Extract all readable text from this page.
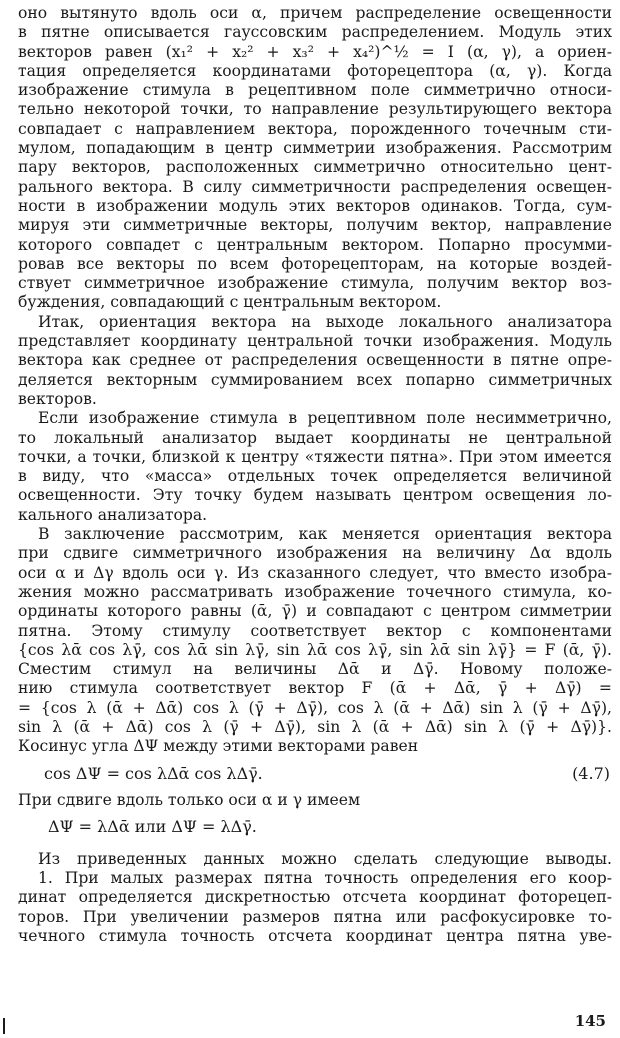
оно вытянуто вдоль оси α, причем распределение освещенности
в пятне описывается гауссовским распределением. Модуль этих
векторов равен (x₁² + x₂² + x₃² + x₄²)^½ = I (α, γ), а ориен-
тация определяется координатами фоторецептора (α, γ). Когда
изображение стимула в рецептивном поле симметрично относи-
тельно некоторой точки, то направление результирующего вектора
совпадает с направлением вектора, порожденного точечным сти-
мулом, попадающим в центр симметрии изображения. Рассмотрим
пару векторов, расположенных симметрично относительно цент-
рального вектора. В силу симметричности распределения освещен-
ности в изображении модуль этих векторов одинаков. Тогда, сум-
мируя эти симметричные векторы, получим вектор, направление
которого совпадет с центральным вектором. Попарно просумми-
ровав все векторы по всем фоторецепторам, на которые воздей-
ствует симметричное изображение стимула, получим вектор воз-
буждения, совпадающий с центральным вектором.

Итак, ориентация вектора на выходе локального анализатора
представляет координату центральной точки изображения. Модуль
вектора как среднее от распределения освещенности в пятне опре-
деляется векторным суммированием всех попарно симметричных
векторов.

Если изображение стимула в рецептивном поле несимметрично,
то локальный анализатор выдает координаты не центральной
точки, а точки, близкой к центру «тяжести пятна». При этом имеется
в виду, что «масса» отдельных точек определяется величиной
освещенности. Эту точку будем называть центром освещения ло-
кального анализатора.

В заключение рассмотрим, как меняется ориентация вектора
при сдвиге симметричного изображения на величину Δα вдоль
оси α и Δγ вдоль оси γ. Из сказанного следует, что вместо изобра-
жения можно рассматривать изображение точечного стимула, ко-
ординаты которого равны (ᾱ, γ̄) и совпадают с центром симметрии
пятна. Этому стимулу соответствует вектор с компонентами
{cos λᾱ cos λγ̄, cos λᾱ sin λγ̄, sin λᾱ cos λγ̄, sin λᾱ sin λγ̄} = F (ᾱ, γ̄).
Сместим стимул на величины Δᾱ и Δγ̄. Новому положе-
нию стимула соответствует вектор F (ᾱ + Δᾱ, γ̄ + Δγ̄) =
= {cos λ (ᾱ + Δᾱ) cos λ (γ̄ + Δγ̄), cos λ (ᾱ + Δᾱ) sin λ (γ̄ + Δγ̄),
sin λ (ᾱ + Δᾱ) cos λ (γ̄ + Δγ̄), sin λ (ᾱ + Δᾱ) sin λ (γ̄ + Δγ̄)}.
Косинус угла ΔΨ между этими векторами равен

cos ΔΨ = cos λΔᾱ cos λΔγ̄.	(4.7)

При сдвиге вдоль только оси α и γ имеем

ΔΨ = λΔᾱ или ΔΨ = λΔγ̄.

Из приведенных данных можно сделать следующие выводы.
1. При малых размерах пятна точность определения его коор-
динат определяется дискретностью отсчета координат фоторецеп-
торов. При увеличении размеров пятна или расфокусировке то-
чечного стимула точность отсчета координат центра пятна уве-

145
